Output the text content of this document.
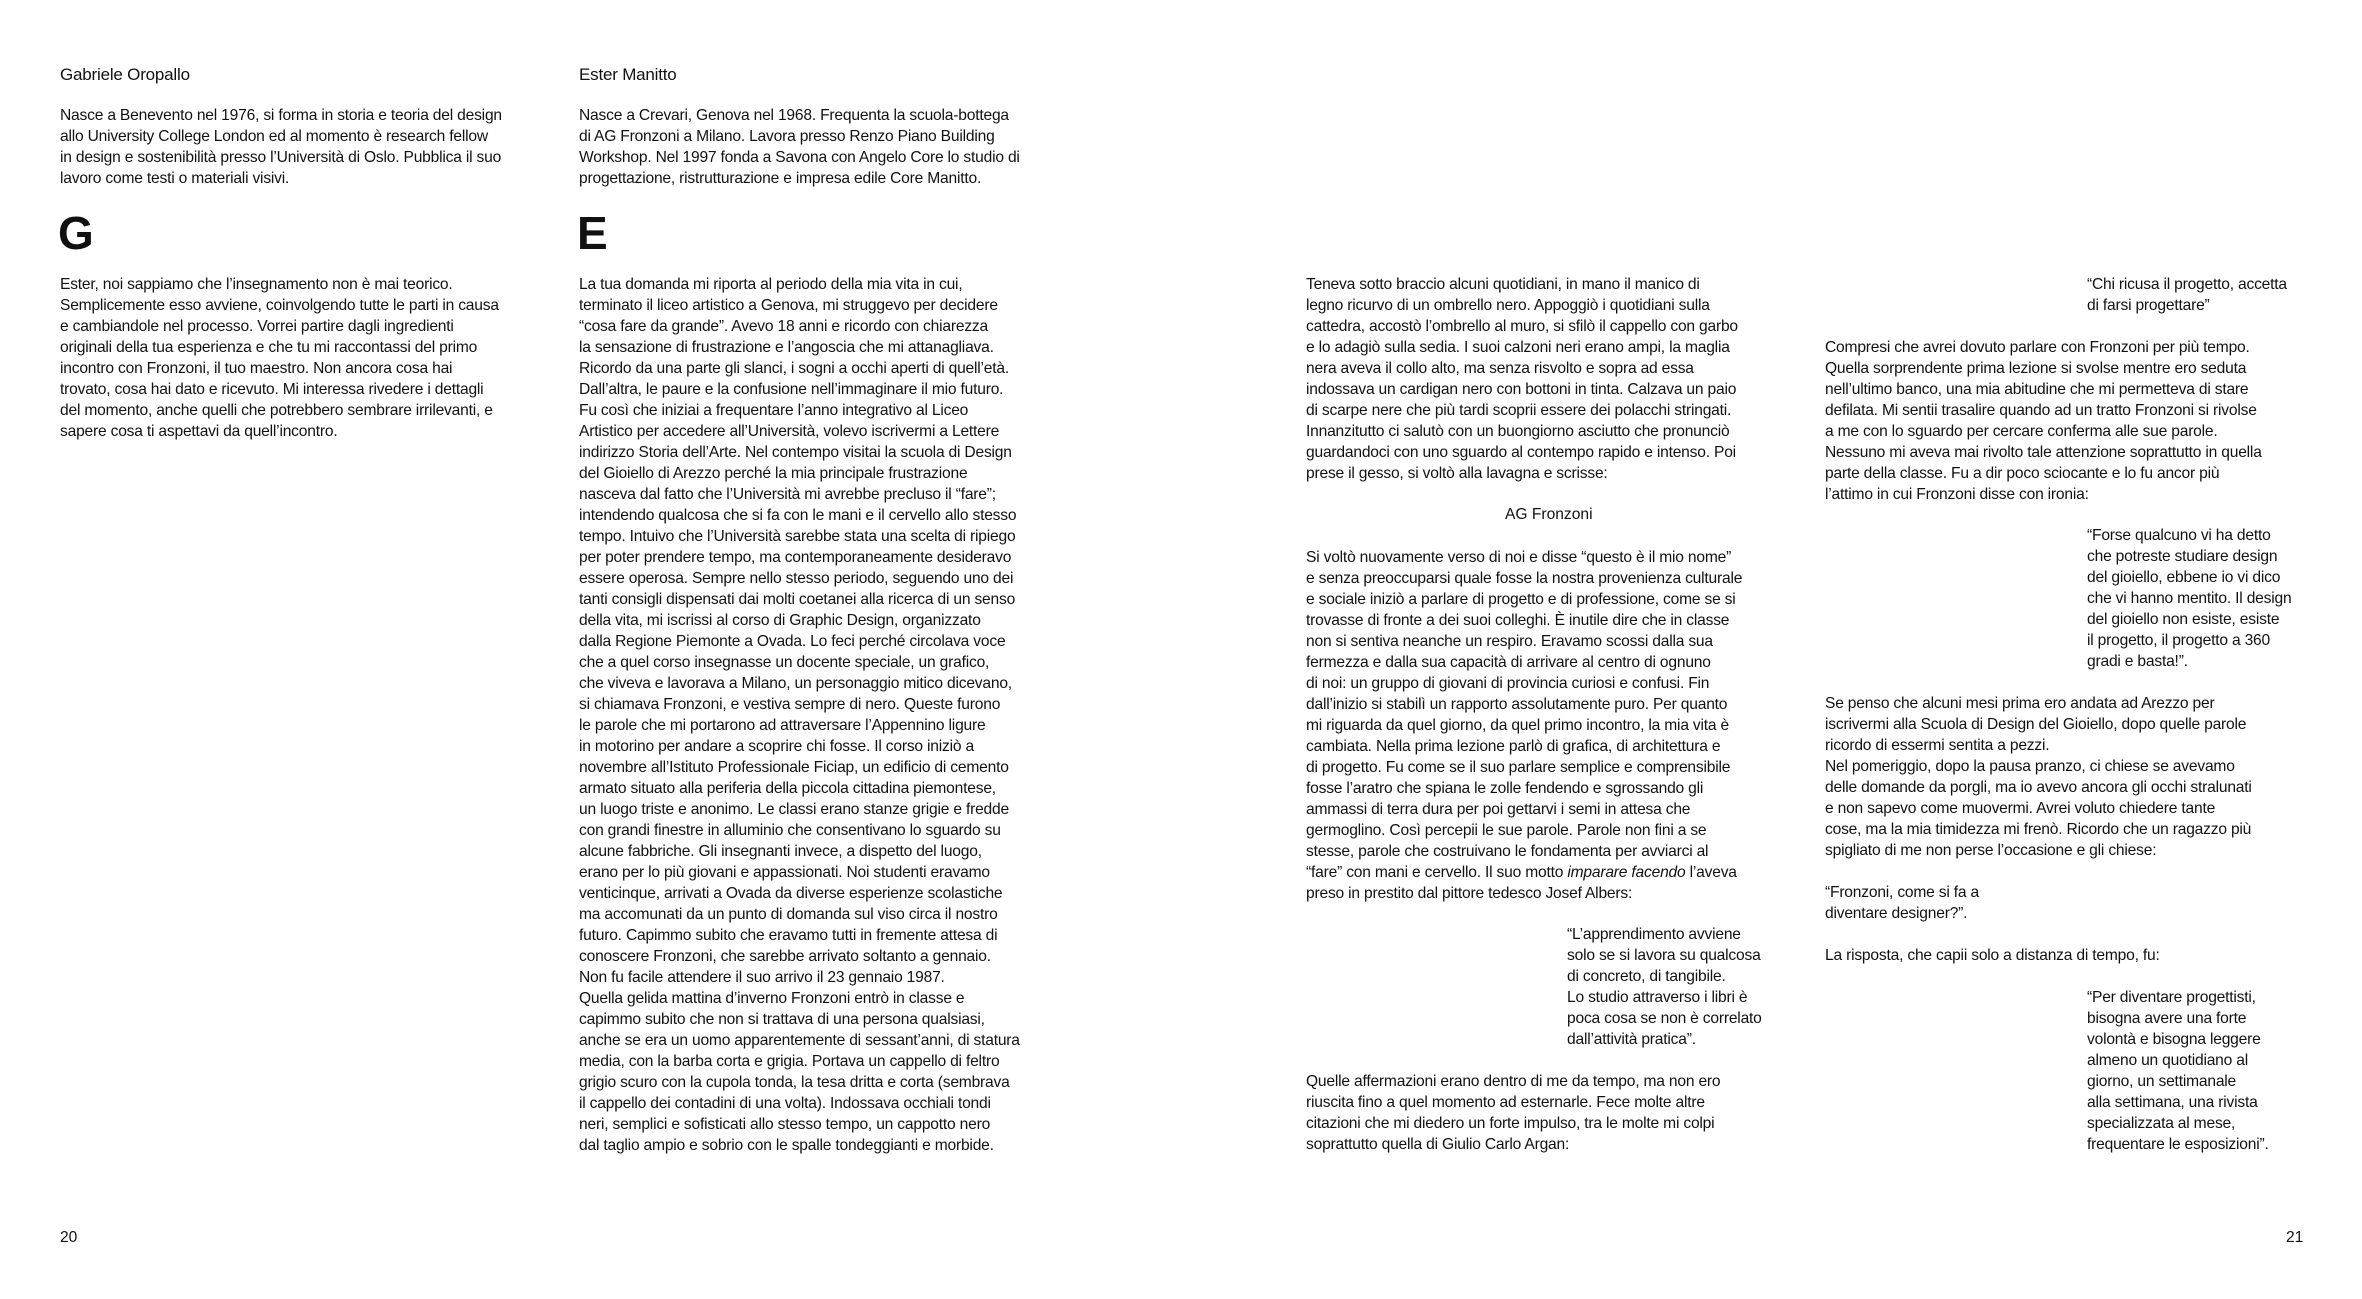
Gabriele Oropallo
Nasce a Benevento nel 1976, si forma in storia e teoria del design
allo University College London ed al momento è research fellow
in design e sostenibilità presso l’Università di Oslo. Pubblica il suo
lavoro come testi o materiali visivi.
G
Ester, noi sappiamo che l’insegnamento non è mai teorico.
Semplicemente esso avviene, coinvolgendo tutte le parti in causa
e cambiandole nel processo. Vorrei partire dagli ingredienti
originali della tua esperienza e che tu mi raccontassi del primo
incontro con Fronzoni, il tuo maestro. Non ancora cosa hai
trovato, cosa hai dato e ricevuto. Mi interessa rivedere i dettagli
del momento, anche quelli che potrebbero sembrare irrilevanti, e
sapere cosa ti aspettavi da quell’incontro.
Ester Manitto
Nasce a Crevari, Genova nel 1968. Frequenta la scuola-bottega
di AG Fronzoni a Milano. Lavora presso Renzo Piano Building
Workshop. Nel 1997 fonda a Savona con Angelo Core lo studio di
progettazione, ristrutturazione e impresa edile Core Manitto.
E
La tua domanda mi riporta al periodo della mia vita in cui,
terminato il liceo artistico a Genova, mi struggevo per decidere
“cosa fare da grande”. Avevo 18 anni e ricordo con chiarezza
la sensazione di frustrazione e l’angoscia che mi attanagliava.
Ricordo da una parte gli slanci, i sogni a occhi aperti di quell’età.
Dall’altra, le paure e la confusione nell’immaginare il mio futuro.
Fu così che iniziai a frequentare l’anno integrativo al Liceo
Artistico per accedere all’Università, volevo iscrivermi a Lettere
indirizzo Storia dell’Arte. Nel contempo visitai la scuola di Design
del Gioiello di Arezzo perché la mia principale frustrazione
nasceva dal fatto che l’Università mi avrebbe precluso il “fare”;
intendendo qualcosa che si fa con le mani e il cervello allo stesso
tempo. Intuivo che l’Università sarebbe stata una scelta di ripiego
per poter prendere tempo, ma contemporaneamente desideravo
essere operosa. Sempre nello stesso periodo, seguendo uno dei
tanti consigli dispensati dai molti coetanei alla ricerca di un senso
della vita, mi iscrissi al corso di Graphic Design, organizzato
dalla Regione Piemonte a Ovada. Lo feci perché circolava voce
che a quel corso insegnasse un docente speciale, un grafico,
che viveva e lavorava a Milano, un personaggio mitico dicevano,
si chiamava Fronzoni, e vestiva sempre di nero. Queste furono
le parole che mi portarono ad attraversare l’Appennino ligure
in motorino per andare a scoprire chi fosse. Il corso iniziò a
novembre all’Istituto Professionale Ficiap, un edificio di cemento
armato situato alla periferia della piccola cittadina piemontese,
un luogo triste e anonimo. Le classi erano stanze grigie e fredde
con grandi finestre in alluminio che consentivano lo sguardo su
alcune fabbriche. Gli insegnanti invece, a dispetto del luogo,
erano per lo più giovani e appassionati. Noi studenti eravamo
venticinque, arrivati a Ovada da diverse esperienze scolastiche
ma accomunati da un punto di domanda sul viso circa il nostro
futuro. Capimmo subito che eravamo tutti in fremente attesa di
conoscere Fronzoni, che sarebbe arrivato soltanto a gennaio.
Non fu facile attendere il suo arrivo il 23 gennaio 1987.
Quella gelida mattina d’inverno Fronzoni entrò in classe e
capimmo subito che non si trattava di una persona qualsiasi,
anche se era un uomo apparentemente di sessant’anni, di statura
media, con la barba corta e grigia. Portava un cappello di feltro
grigio scuro con la cupola tonda, la tesa dritta e corta (sembrava
il cappello dei contadini di una volta). Indossava occhiali tondi
neri, semplici e sofisticati allo stesso tempo, un cappotto nero
dal taglio ampio e sobrio con le spalle tondeggianti e morbide.
20
Teneva sotto braccio alcuni quotidiani, in mano il manico di
legno ricurvo di un ombrello nero. Appoggiò i quotidiani sulla
cattedra, accostò l’ombrello al muro, si sfilò il cappello con garbo
e lo adagiò sulla sedia. I suoi calzoni neri erano ampi, la maglia
nera aveva il collo alto, ma senza risvolto e sopra ad essa
indossava un cardigan nero con bottoni in tinta. Calzava un paio
di scarpe nere che più tardi scoprii essere dei polacchi stringati.
Innanzitutto ci salutò con un buongiorno asciutto che pronunciò
guardandoci con uno sguardo al contempo rapido e intenso. Poi
prese il gesso, si voltò alla lavagna e scrisse:
AG Fronzoni
Si voltò nuovamente verso di noi e disse “questo è il mio nome”
e senza preoccuparsi quale fosse la nostra provenienza culturale
e sociale iniziò a parlare di progetto e di professione, come se si
trovasse di fronte a dei suoi colleghi. È inutile dire che in classe
non si sentiva neanche un respiro. Eravamo scossi dalla sua
fermezza e dalla sua capacità di arrivare al centro di ognuno
di noi: un gruppo di giovani di provincia curiosi e confusi. Fin
dall’inizio si stabilì un rapporto assolutamente puro. Per quanto
mi riguarda da quel giorno, da quel primo incontro, la mia vita è
cambiata. Nella prima lezione parlò di grafica, di architettura e
di progetto. Fu come se il suo parlare semplice e comprensibile
fosse l’aratro che spiana le zolle fendendo e sgrossando gli
ammassi di terra dura per poi gettarvi i semi in attesa che
germoglino. Così percepii le sue parole. Parole non fini a se
stesse, parole che costruivano le fondamenta per avviarci al
“fare” con mani e cervello. Il suo motto imparare facendo l’aveva
preso in prestito dal pittore tedesco Josef Albers:
“L’apprendimento avviene
solo se si lavora su qualcosa
di concreto, di tangibile.
Lo studio attraverso i libri è
poca cosa se non è correlato
dall’attività pratica”.
Quelle affermazioni erano dentro di me da tempo, ma non ero
riuscita fino a quel momento ad esternarle. Fece molte altre
citazioni che mi diedero un forte impulso, tra le molte mi colpi
soprattutto quella di Giulio Carlo Argan:
“Chi ricusa il progetto, accetta
di farsi progettare”
Compresi che avrei dovuto parlare con Fronzoni per più tempo.
Quella sorprendente prima lezione si svolse mentre ero seduta
nell’ultimo banco, una mia abitudine che mi permetteva di stare
defilata. Mi sentii trasalire quando ad un tratto Fronzoni si rivolse
a me con lo sguardo per cercare conferma alle sue parole.
Nessuno mi aveva mai rivolto tale attenzione soprattutto in quella
parte della classe. Fu a dir poco sciocante e lo fu ancor più
l’attimo in cui Fronzoni disse con ironia:
“Forse qualcuno vi ha detto
che potreste studiare design
del gioiello, ebbene io vi dico
che vi hanno mentito. Il design
del gioiello non esiste, esiste
il progetto, il progetto a 360
gradi e basta!”.
Se penso che alcuni mesi prima ero andata ad Arezzo per
iscrivermi alla Scuola di Design del Gioiello, dopo quelle parole
ricordo di essermi sentita a pezzi.
Nel pomeriggio, dopo la pausa pranzo, ci chiese se avevamo
delle domande da porgli, ma io avevo ancora gli occhi stralunati
e non sapevo come muovermi. Avrei voluto chiedere tante
cose, ma la mia timidezza mi frenò. Ricordo che un ragazzo più
spigliato di me non perse l’occasione e gli chiese:
“Fronzoni, come si fa a
diventare designer?”.
La risposta, che capii solo a distanza di tempo, fu:
“Per diventare progettisti,
bisogna avere una forte
volontà e bisogna leggere
almeno un quotidiano al
giorno, un settimanale
alla settimana, una rivista
specializzata al mese,
frequentare le esposizioni”.
21
